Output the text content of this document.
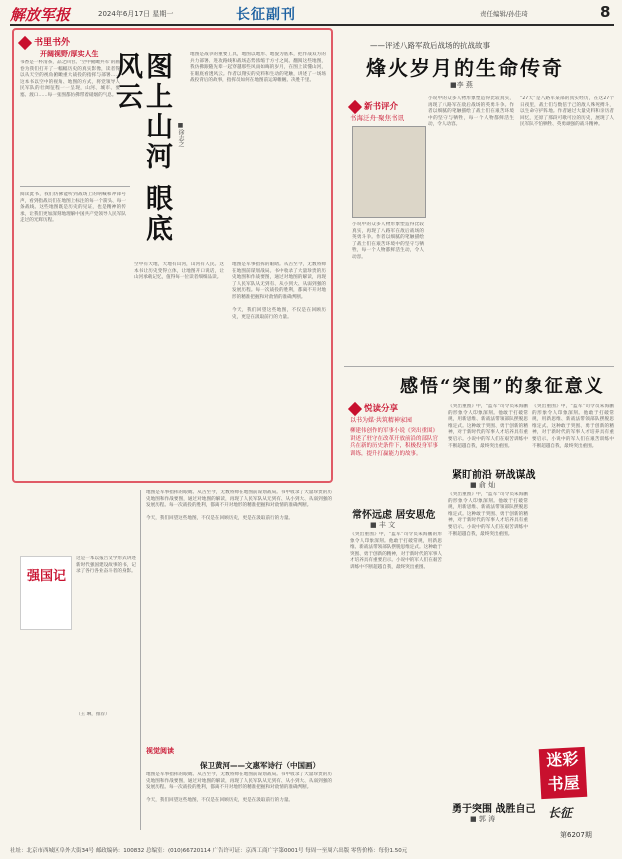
解放军报	2024年6月17日 星期一	长征副刊	责任编辑/孙佳琦	8
书里书外
开阔视野/厚实人生
书香是一杯清茶，品之回甘。‘空中俯瞰共军’的画卷为我们打开了一幅幅历史的真实影像，读者得以从天空的视角俯瞰重大战役的指挥与部署……这本书以空中的视角、地图的方式，将党领导人民军队的壮阔征程一一呈现，山河、城市、要塞、渡口……每一张图都仿佛带着硝烟的气息。 图上山河 眼底风云
■徐志之
地图是战争的重要工具，地图以地形、地貌为底本，把作战双方的兵力部署、进攻路线和战场态势浓缩于方寸之间。翻阅这些地图，我仿佛跟随先辈一起穿越那些风雨如晦的岁月，在图上读懂山河，在眼底看透风云。作者以翔实的史料和生动的笔触，讲述了一场场战役背后的故事，指挥员如何在地图前运筹帷幄、决胜千里。
阅读此书，我们仿佛能听到战场上的呐喊和冲锋号声，看到指战员们在地图上标注的每一个箭头、每一条战线。这些地图既是历史的见证，也是精神的传承，让我们更加深刻地理解中国共产党领导人民军队走过的光辉历程。
空中有大地，大地有山河，山河有人民。这本书让历史变得立体，让地图开口说话，让山河承载记忆，值得每一位读者细细品读。
地图是军事指挥的眼睛。从古至今，无数将帅在地图前谋划战局。书中收录了大量珍贵的历史地图和作战要图，通过对地图的解读，再现了人民军队从无到有、从小到大、从弱到强的发展历程。每一次战役的胜利，都离不开对地形的精准把握和对敌情的准确判断。

今天，我们回望这些地图，不仅是在回顾历史，更是在汲取前行的力量。
强国记
这是一本以报告文学形式讲述新时代强国建设故事的书，记录了各行各业奋斗者的身影。
（王 琳，推荐）
地图是军事指挥的眼睛。从古至今，无数将帅在地图前谋划战局。书中收录了大量珍贵的历史地图和作战要图，通过对地图的解读，再现了人民军队从无到有、从小到大、从弱到强的发展历程。每一次战役的胜利，都离不开对地形的精准把握和对敌情的准确判断。

今天，我们回望这些地图，不仅是在回顾历史，更是在汲取前行的力量。
视觉阅读
保卫黄河——文惠军诗行（中国画）
地图是军事指挥的眼睛。从古至今，无数将帅在地图前谋划战局。书中收录了大量珍贵的历史地图和作战要图，通过对地图的解读，再现了人民军队从无到有、从小到大、从弱到强的发展历程。每一次战役的胜利，都离不开对地形的精准把握和对敌情的准确判断。

今天，我们回望这些地图，不仅是在回顾历史，更是在汲取前行的力量。
——评述八路军敌后战场的抗战故事
烽火岁月的生命传奇
■李 燕
新书评介
书海泛舟·聚焦书讯
小说中的众多人物形象塑造得比较真实，再现了八路军在敌后战场的英勇斗争。作者以细腻的笔触描绘了战士们在艰苦环境中的坚守与牺牲，每一个人物都鲜活生动，令人动容。
小说中的众多人物形象塑造得比较真实，再现了八路军在敌后战场的英勇斗争。作者以细腻的笔触描绘了战士们在艰苦环境中的坚守与牺牲，每一个人物都鲜活生动，令人动容。
“27天”是八路军某部的真实经历，在这27个日夜里，战士们与数倍于己的敌人殊死搏斗，以生命守护阵地。作者通过大量史料和亲历者回忆，还原了那段可歌可泣的历史，展现了人民军队不怕牺牲、英勇顽强的战斗精神。
感悟“突围”的象征意义
悦读分享
以书为媒·共筑精神家园
柳建伟创作的军事小说《突出重围》讲述了驻守在改革开放前沿的部队官兵在新的历史条件下，积极投身军事训练，提升打赢能力的故事。
常怀远虑 居安思危
■ 丰 文
《突出重围》中，“蓝军”司令员朱海鹏的形象令人印象深刻。他敢于打破常规，用新思维、新战法带领部队摆脱思维定式。这种敢于突围、勇于创新的精神，对于新时代的军事人才培养具有重要启示。小说中的军人们在艰苦训练中不断超越自我，最终突出重围。
《突出重围》中，“蓝军”司令员朱海鹏的形象令人印象深刻。他敢于打破常规，用新思维、新战法带领部队摆脱思维定式。这种敢于突围、勇于创新的精神，对于新时代的军事人才培养具有重要启示。小说中的军人们在艰苦训练中不断超越自我，最终突出重围。
紧盯前沿 研战谋战
■ 俞 灿
《突出重围》中，“蓝军”司令员朱海鹏的形象令人印象深刻。他敢于打破常规，用新思维、新战法带领部队摆脱思维定式。这种敢于突围、勇于创新的精神，对于新时代的军事人才培养具有重要启示。小说中的军人们在艰苦训练中不断超越自我，最终突出重围。
勇于突围 战胜自己
■ 郭 涛
《突出重围》中，“蓝军”司令员朱海鹏的形象令人印象深刻。他敢于打破常规，用新思维、新战法带领部队摆脱思维定式。这种敢于突围、勇于创新的精神，对于新时代的军事人才培养具有重要启示。小说中的军人们在艰苦训练中不断超越自我，最终突出重围。
迷彩书屋
长征
第6207期
社址：北京市西城区阜外大街34号 邮政编码：100832 总编室：(010)66720114 广告许可证：京西工商广字第0001号 每周一至周六出版 零售价格：每份1.50元
